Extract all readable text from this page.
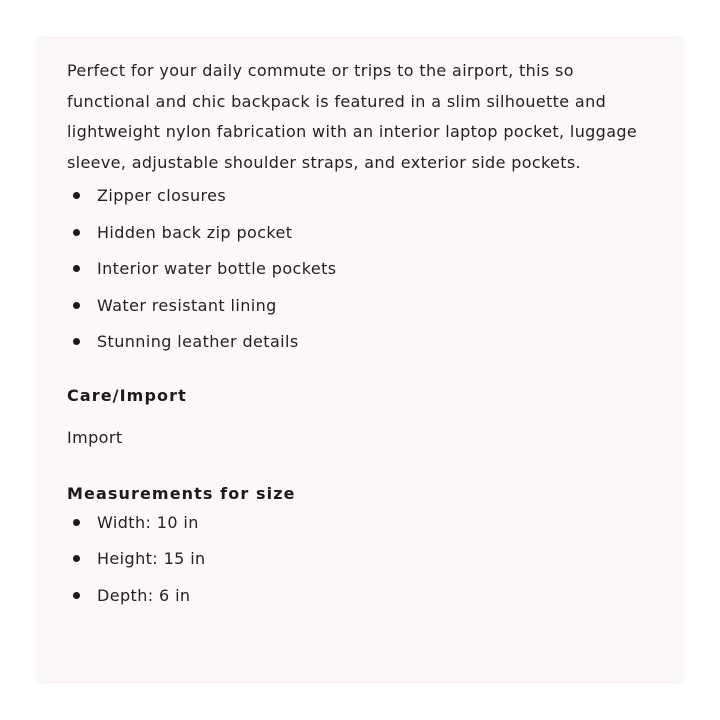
Perfect for your daily commute or trips to the airport, this so functional and chic backpack is featured in a slim silhouette and lightweight nylon fabrication with an interior laptop pocket, luggage sleeve, adjustable shoulder straps, and exterior side pockets.

Zipper closures
Hidden back zip pocket
Interior water bottle pockets
Water resistant lining
Stunning leather details
Care/Import

Import

Measurements for size
Width: 10 in
Height: 15 in
Depth: 6 in
